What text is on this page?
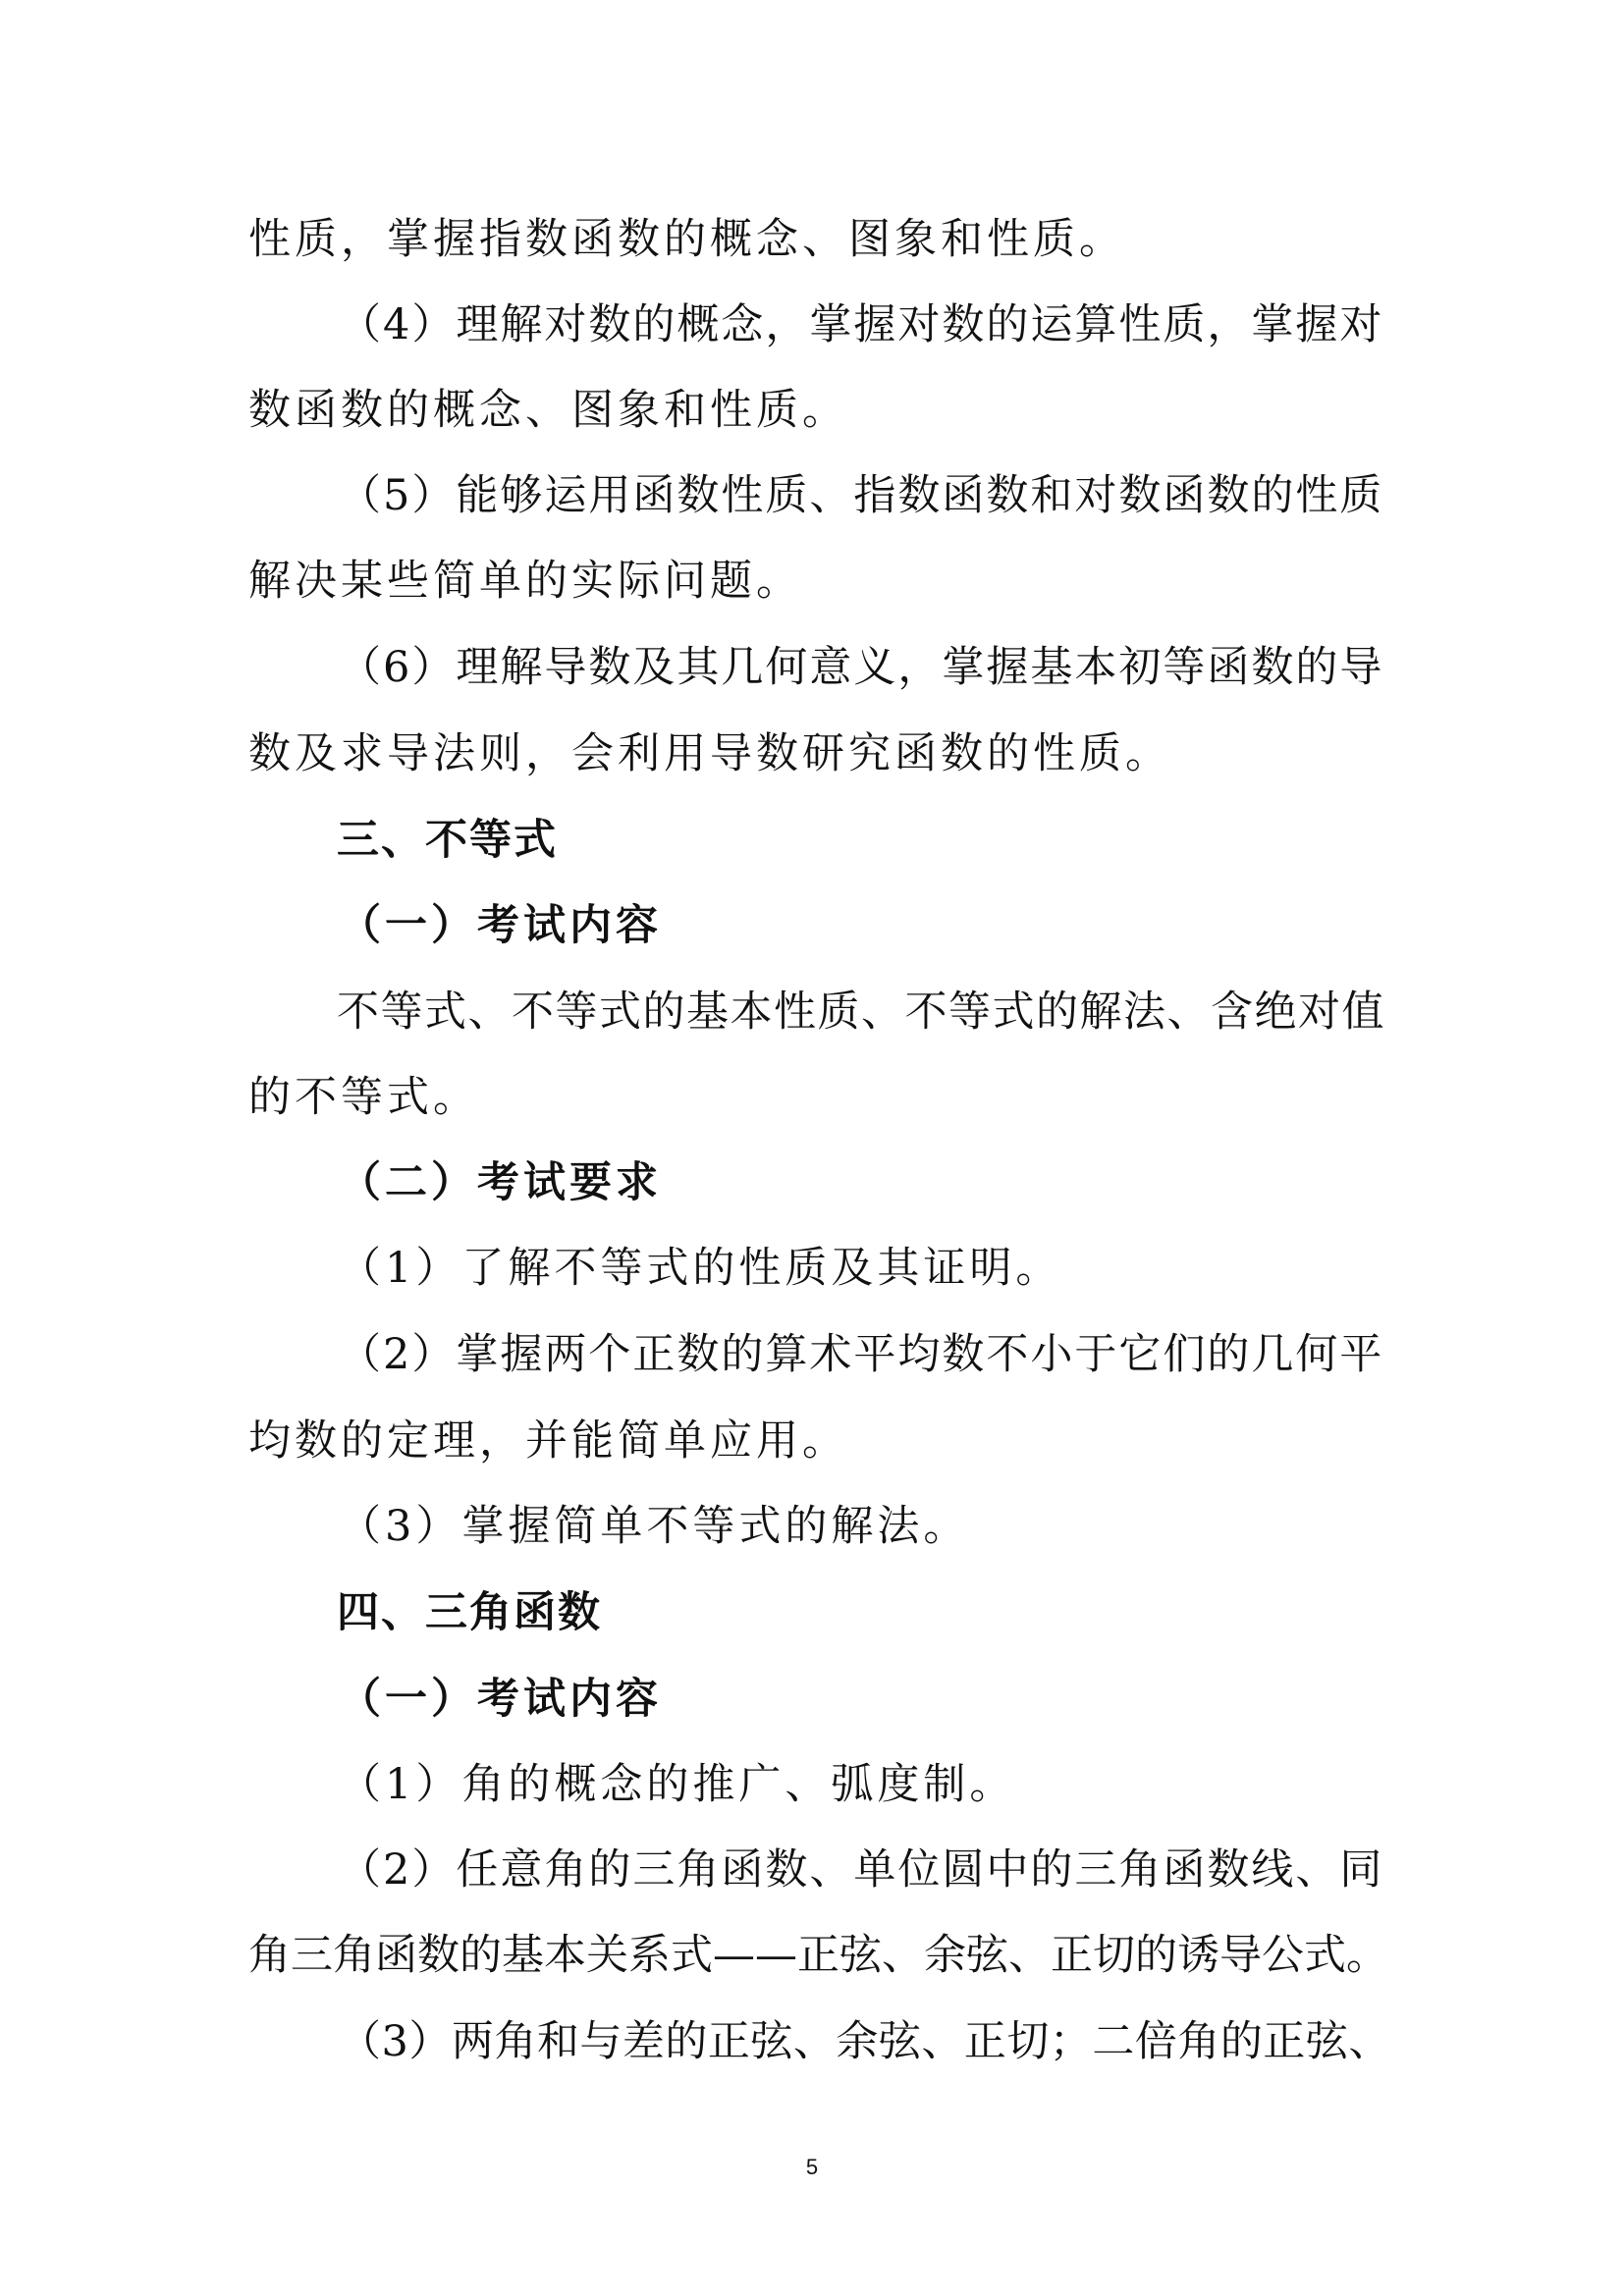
性质，掌握指数函数的概念、图象和性质。
（4）理解对数的概念，掌握对数的运算性质，掌握对
数函数的概念、图象和性质。
（5）能够运用函数性质、指数函数和对数函数的性质
解决某些简单的实际问题。
（6）理解导数及其几何意义，掌握基本初等函数的导
数及求导法则，会利用导数研究函数的性质。
三、不等式
（一）考试内容
不等式、不等式的基本性质、不等式的解法、含绝对值
的不等式。
（二）考试要求
（1）了解不等式的性质及其证明。
（2）掌握两个正数的算术平均数不小于它们的几何平
均数的定理，并能简单应用。
（3）掌握简单不等式的解法。
四、三角函数
（一）考试内容
（1）角的概念的推广、弧度制。
（2）任意角的三角函数、单位圆中的三角函数线、同
角三角函数的基本关系式——正弦、余弦、正切的诱导公式。
（3）两角和与差的正弦、余弦、正切；二倍角的正弦、
5
